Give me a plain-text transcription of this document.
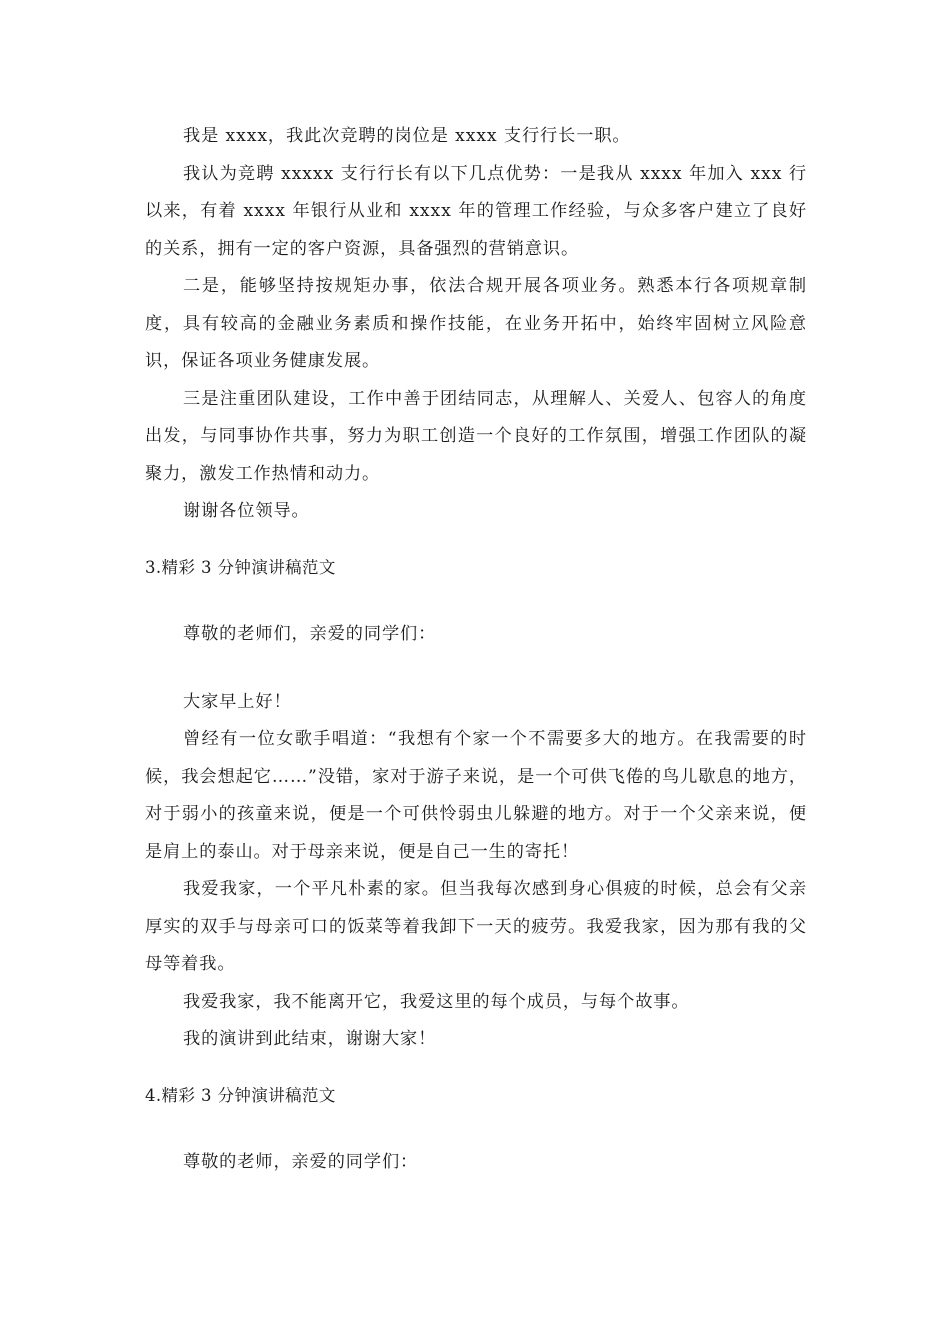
我是 xxxx，我此次竞聘的岗位是 xxxx 支行行长一职。

我认为竞聘 xxxxx 支行行长有以下几点优势：一是我从 xxxx 年加入 xxx 行以来，有着 xxxx 年银行从业和 xxxx 年的管理工作经验，与众多客户建立了良好的关系，拥有一定的客户资源，具备强烈的营销意识。

二是，能够坚持按规矩办事，依法合规开展各项业务。熟悉本行各项规章制度，具有较高的金融业务素质和操作技能，在业务开拓中，始终牢固树立风险意识，保证各项业务健康发展。

三是注重团队建设，工作中善于团结同志，从理解人、关爱人、包容人的角度出发，与同事协作共事，努力为职工创造一个良好的工作氛围，增强工作团队的凝聚力，激发工作热情和动力。

谢谢各位领导。

3.精彩 3 分钟演讲稿范文

尊敬的老师们，亲爱的同学们：

大家早上好！

曾经有一位女歌手唱道：“我想有个家一个不需要多大的地方。在我需要的时候，我会想起它……”没错，家对于游子来说，是一个可供飞倦的鸟儿歇息的地方，对于弱小的孩童来说，便是一个可供怜弱虫儿躲避的地方。对于一个父亲来说，便是肩上的泰山。对于母亲来说，便是自己一生的寄托！

我爱我家，一个平凡朴素的家。但当我每次感到身心俱疲的时候，总会有父亲厚实的双手与母亲可口的饭菜等着我卸下一天的疲劳。我爱我家，因为那有我的父母等着我。

我爱我家，我不能离开它，我爱这里的每个成员，与每个故事。

我的演讲到此结束，谢谢大家！

4.精彩 3 分钟演讲稿范文

尊敬的老师，亲爱的同学们：
